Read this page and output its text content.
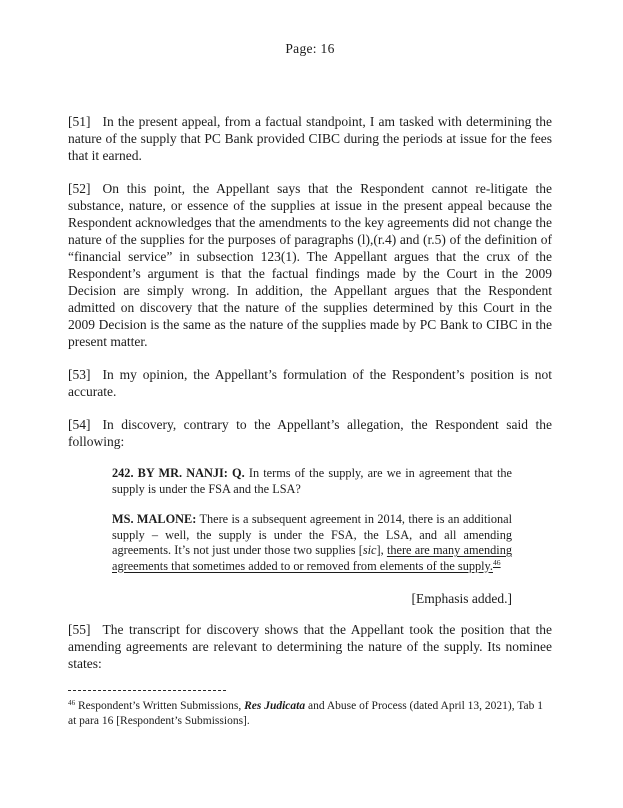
Page: 16
[51] In the present appeal, from a factual standpoint, I am tasked with determining the nature of the supply that PC Bank provided CIBC during the periods at issue for the fees that it earned.
[52] On this point, the Appellant says that the Respondent cannot re-litigate the substance, nature, or essence of the supplies at issue in the present appeal because the Respondent acknowledges that the amendments to the key agreements did not change the nature of the supplies for the purposes of paragraphs (l),(r.4) and (r.5) of the definition of “financial service” in subsection 123(1). The Appellant argues that the crux of the Respondent’s argument is that the factual findings made by the Court in the 2009 Decision are simply wrong. In addition, the Appellant argues that the Respondent admitted on discovery that the nature of the supplies determined by this Court in the 2009 Decision is the same as the nature of the supplies made by PC Bank to CIBC in the present matter.
[53] In my opinion, the Appellant’s formulation of the Respondent’s position is not accurate.
[54] In discovery, contrary to the Appellant’s allegation, the Respondent said the following:

242. BY MR. NANJI: Q. In terms of the supply, are we in agreement that the supply is under the FSA and the LSA?

MS. MALONE: There is a subsequent agreement in 2014, there is an additional supply – well, the supply is under the FSA, the LSA, and all amending agreements. It’s not just under those two supplies [sic], there are many amending agreements that sometimes added to or removed from elements of the supply.$^{46}$

[Emphasis added.]
[55] The transcript for discovery shows that the Appellant took the position that the amending agreements are relevant to determining the nature of the supply. Its nominee states:
$^{46}$ Respondent’s Written Submissions, Res Judicata and Abuse of Process (dated April 13, 2021), Tab 1 at para 16 [Respondent’s Submissions].
